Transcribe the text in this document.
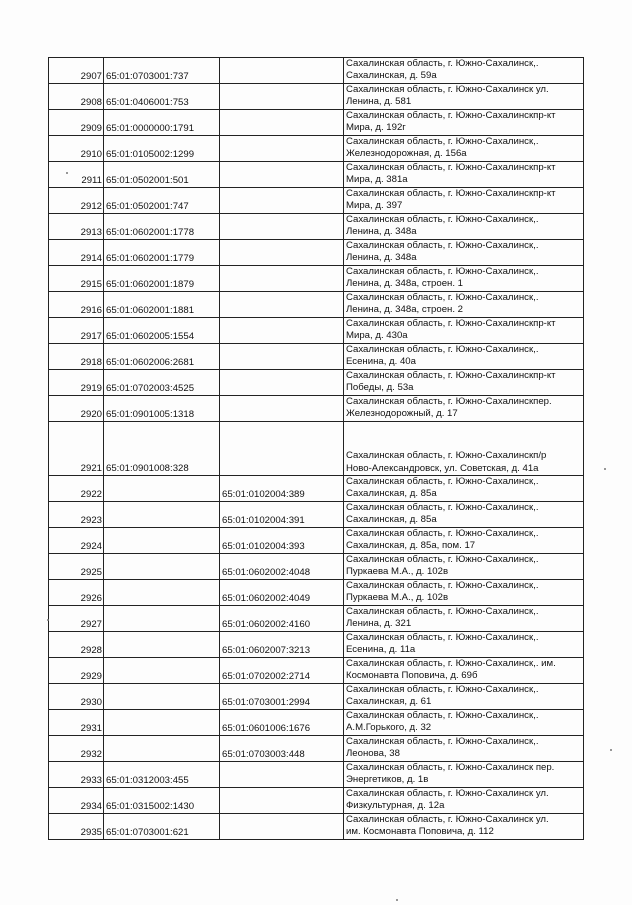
2907	65:01:0703001:737		Сахалинская область, г. Южно-Сахалинск,.
Сахалинская, д. 59а

2908	65:01:0406001:753		Сахалинская область, г. Южно-Сахалинск ул.
Ленина, д. 581

2909	65:01:0000000:1791		Сахалинская область, г. Южно-Сахалинскпр-кт
Мира, д. 192г

2910	65:01:0105002:1299		Сахалинская область, г. Южно-Сахалинск,.
Железнодорожная, д. 156а

2911	65:01:0502001:501		Сахалинская область, г. Южно-Сахалинскпр-кт
Мира, д. 381а

2912	65:01:0502001:747		Сахалинская область, г. Южно-Сахалинскпр-кт
Мира, д. 397

2913	65:01:0602001:1778		Сахалинская область, г. Южно-Сахалинск,.
Ленина, д. 348а

2914	65:01:0602001:1779		Сахалинская область, г. Южно-Сахалинск,.
Ленина, д. 348а

2915	65:01:0602001:1879		Сахалинская область, г. Южно-Сахалинск,.
Ленина, д. 348а, строен. 1

2916	65:01:0602001:1881		Сахалинская область, г. Южно-Сахалинск,.
Ленина, д. 348а, строен. 2

2917	65:01:0602005:1554		Сахалинская область, г. Южно-Сахалинскпр-кт
Мира, д. 430а

2918	65:01:0602006:2681		Сахалинская область, г. Южно-Сахалинск,.
Есенина, д. 40а

2919	65:01:0702003:4525		Сахалинская область, г. Южно-Сахалинскпр-кт
Победы, д. 53а

2920	65:01:0901005:1318		Сахалинская область, г. Южно-Сахалинскпер.
Железнодорожный, д. 17

2921	65:01:0901008:328		Сахалинская область, г. Южно-Сахалинскп/р
Ново-Александровск, ул. Советская, д. 41а

2922		65:01:0102004:389	Сахалинская область, г. Южно-Сахалинск,.
Сахалинская, д. 85а

2923		65:01:0102004:391	Сахалинская область, г. Южно-Сахалинск,.
Сахалинская, д. 85а

2924		65:01:0102004:393	Сахалинская область, г. Южно-Сахалинск,.
Сахалинская, д. 85а, пом. 17

2925		65:01:0602002:4048	Сахалинская область, г. Южно-Сахалинск,.
Пуркаева М.А., д. 102в

2926		65:01:0602002:4049	Сахалинская область, г. Южно-Сахалинск,.
Пуркаева М.А., д. 102в

2927		65:01:0602002:4160	Сахалинская область, г. Южно-Сахалинск,.
Ленина, д. 321

2928		65:01:0602007:3213	Сахалинская область, г. Южно-Сахалинск,.
Есенина, д. 11а

2929		65:01:0702002:2714	Сахалинская область, г. Южно-Сахалинск,. им.
Космонавта Поповича, д. 69б

2930		65:01:0703001:2994	Сахалинская область, г. Южно-Сахалинск,.
Сахалинская, д. 61

2931		65:01:0601006:1676	Сахалинская область, г. Южно-Сахалинск,.
А.М.Горького, д. 32

2932		65:01:0703003:448	Сахалинская область, г. Южно-Сахалинск,.
Леонова, 38

2933	65:01:0312003:455		Сахалинская область, г. Южно-Сахалинск пер.
Энергетиков, д. 1в

2934	65:01:0315002:1430		Сахалинская область, г. Южно-Сахалинск ул.
Физкультурная, д. 12а

2935	65:01:0703001:621		Сахалинская область, г. Южно-Сахалинск ул.
им. Космонавта Поповича, д. 112
